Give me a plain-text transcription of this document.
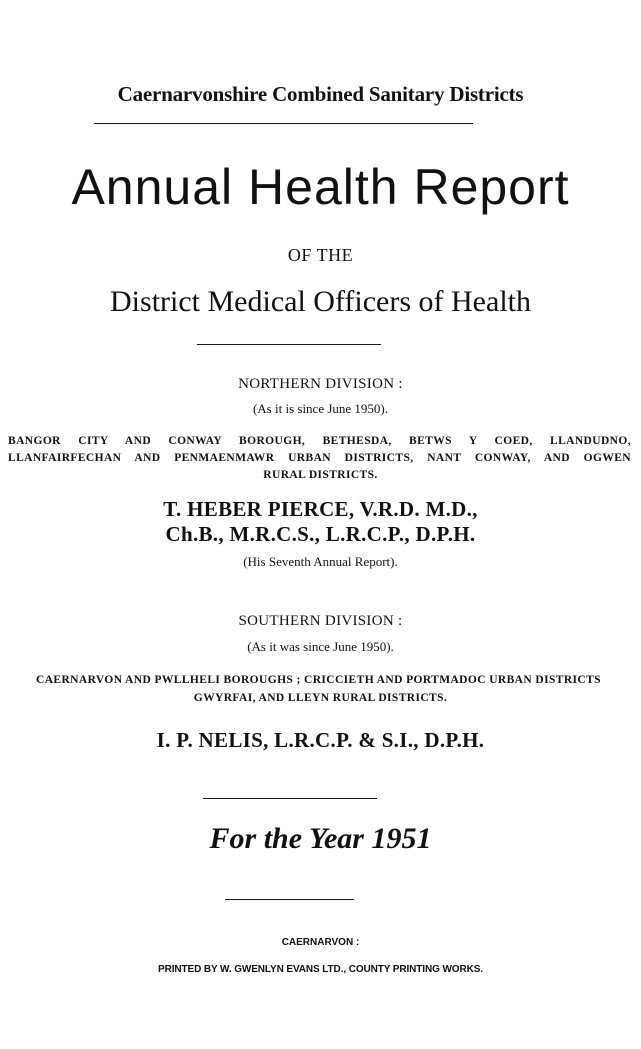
Caernarvonshire Combined Sanitary Districts
Annual Health Report
OF THE
District Medical Officers of Health
NORTHERN DIVISION :
(As it is since June 1950).
BANGOR CITY AND CONWAY BOROUGH, BETHESDA, BETWS Y COED, LLANDUDNO,
LLANFAIRFECHAN AND PENMAENMAWR URBAN DISTRICTS, NANT CONWAY, AND OGWEN
RURAL DISTRICTS.
T. HEBER PIERCE, V.R.D. M.D.,
Ch.B., M.R.C.S., L.R.C.P., D.P.H.
(His Seventh Annual Report).
SOUTHERN DIVISION :
(As it was since June 1950).
CAERNARVON AND PWLLHELI BOROUGHS ; CRICCIETH AND PORTMADOC URBAN DISTRICTS
GWYRFAI, AND LLEYN RURAL DISTRICTS.
I. P. NELIS, L.R.C.P. & S.I., D.P.H.
For the Year 1951
CAERNARVON :
PRINTED BY W. GWENLYN EVANS LTD., COUNTY PRINTING WORKS.
